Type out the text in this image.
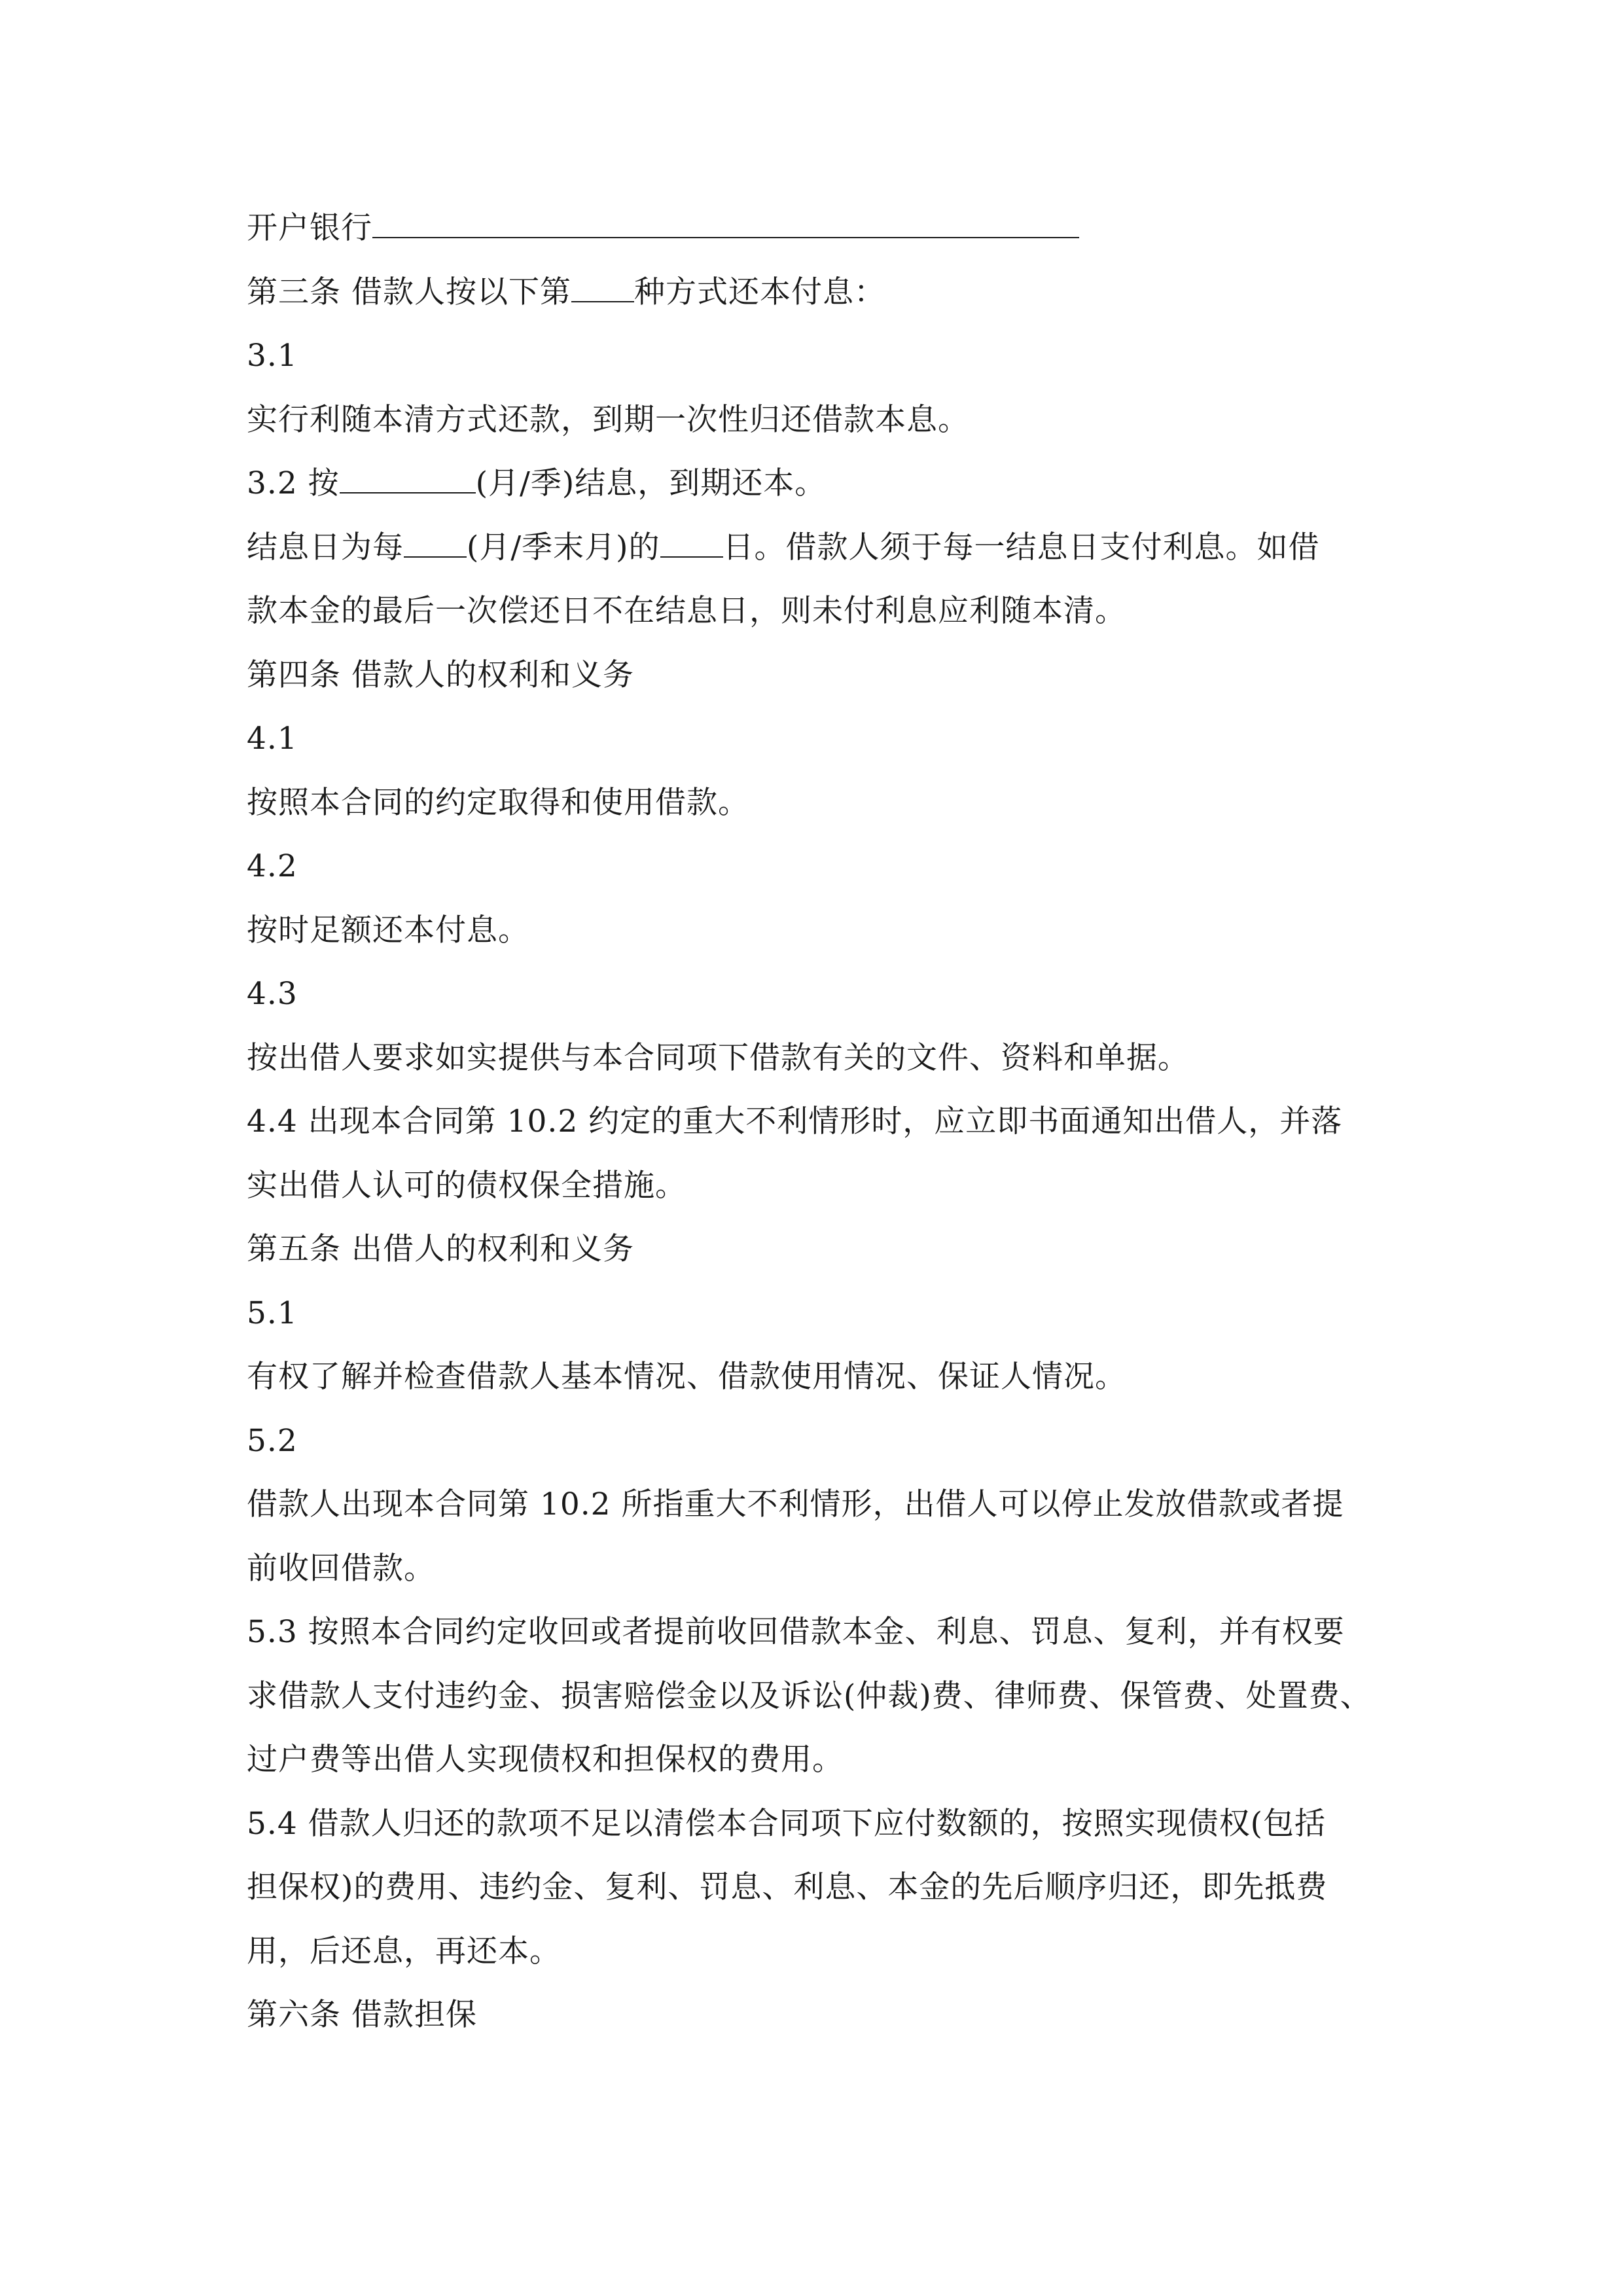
开户银行
第三条 借款人按以下第 种方式还本付息：
3.1
实行利随本清方式还款，到期一次性归还借款本息。
3.2 按	(月/季)结息，到期还本。
结息日为每 (月/季末月)的 日。借款人须于每一结息日支付利息。如借
款本金的最后一次偿还日不在结息日，则未付利息应利随本清。
第四条 借款人的权利和义务
4.1
按照本合同的约定取得和使用借款。
4.2
按时足额还本付息。
4.3
按出借人要求如实提供与本合同项下借款有关的文件、资料和单据。
4.4 出现本合同第 10.2 约定的重大不利情形时，应立即书面通知出借人，并落
实出借人认可的债权保全措施。
第五条 出借人的权利和义务
5.1
有权了解并检查借款人基本情况、借款使用情况、保证人情况。
5.2
借款人出现本合同第 10.2 所指重大不利情形，出借人可以停止发放借款或者提
前收回借款。
5.3 按照本合同约定收回或者提前收回借款本金、利息、罚息、复利，并有权要
求借款人支付违约金、损害赔偿金以及诉讼(仲裁)费、律师费、保管费、处置费、
过户费等出借人实现债权和担保权的费用。
5.4 借款人归还的款项不足以清偿本合同项下应付数额的，按照实现债权(包括
担保权)的费用、违约金、复利、罚息、利息、本金的先后顺序归还，即先抵费
用，后还息，再还本。
第六条 借款担保
